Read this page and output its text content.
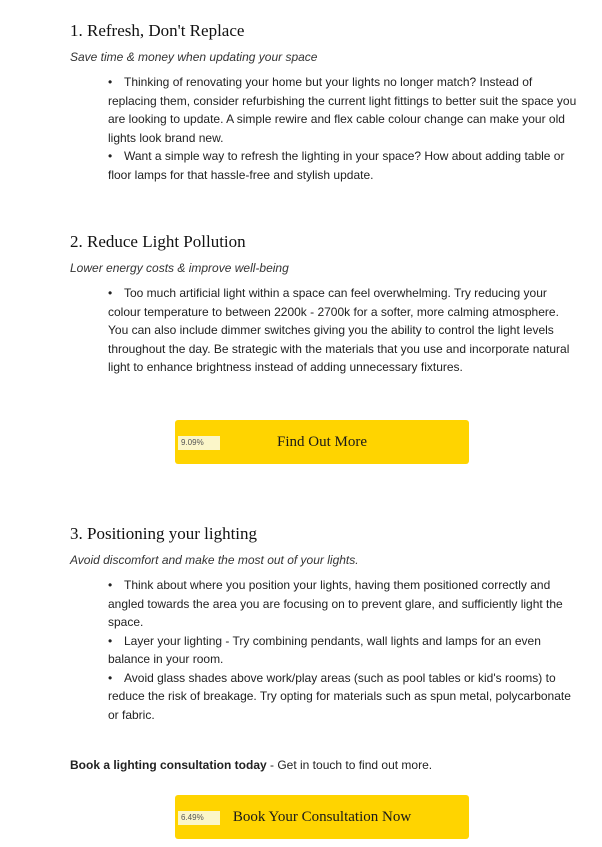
1. Refresh, Don't Replace

Save time & money when updating your space

• Thinking of renovating your home but your lights no longer match? Instead of replacing them, consider refurbishing the current light fittings to better suit the space you are looking to update. A simple rewire and flex cable colour change can make your old lights look brand new.
• Want a simple way to refresh the lighting in your space? How about adding table or floor lamps for that hassle-free and stylish update.
2. Reduce Light Pollution

Lower energy costs & improve well-being

• Too much artificial light within a space can feel overwhelming. Try reducing your colour temperature to between 2200k - 2700k for a softer, more calming atmosphere. You can also include dimmer switches giving you the ability to control the light levels throughout the day. Be strategic with the materials that you use and incorporate natural light to enhance brightness instead of adding unnecessary fixtures.
9.09%	Find Out More
3. Positioning your lighting

Avoid discomfort and make the most out of your lights.

• Think about where you position your lights, having them positioned correctly and angled towards the area you are focusing on to prevent glare, and sufficiently light the space.
• Layer your lighting - Try combining pendants, wall lights and lamps for an even balance in your room.
• Avoid glass shades above work/play areas (such as pool tables or kid's rooms) to reduce the risk of breakage. Try opting for materials such as spun metal, polycarbonate or fabric.

Book a lighting consultation today - Get in touch to find out more.

6.49%	Book Your Consultation Now
